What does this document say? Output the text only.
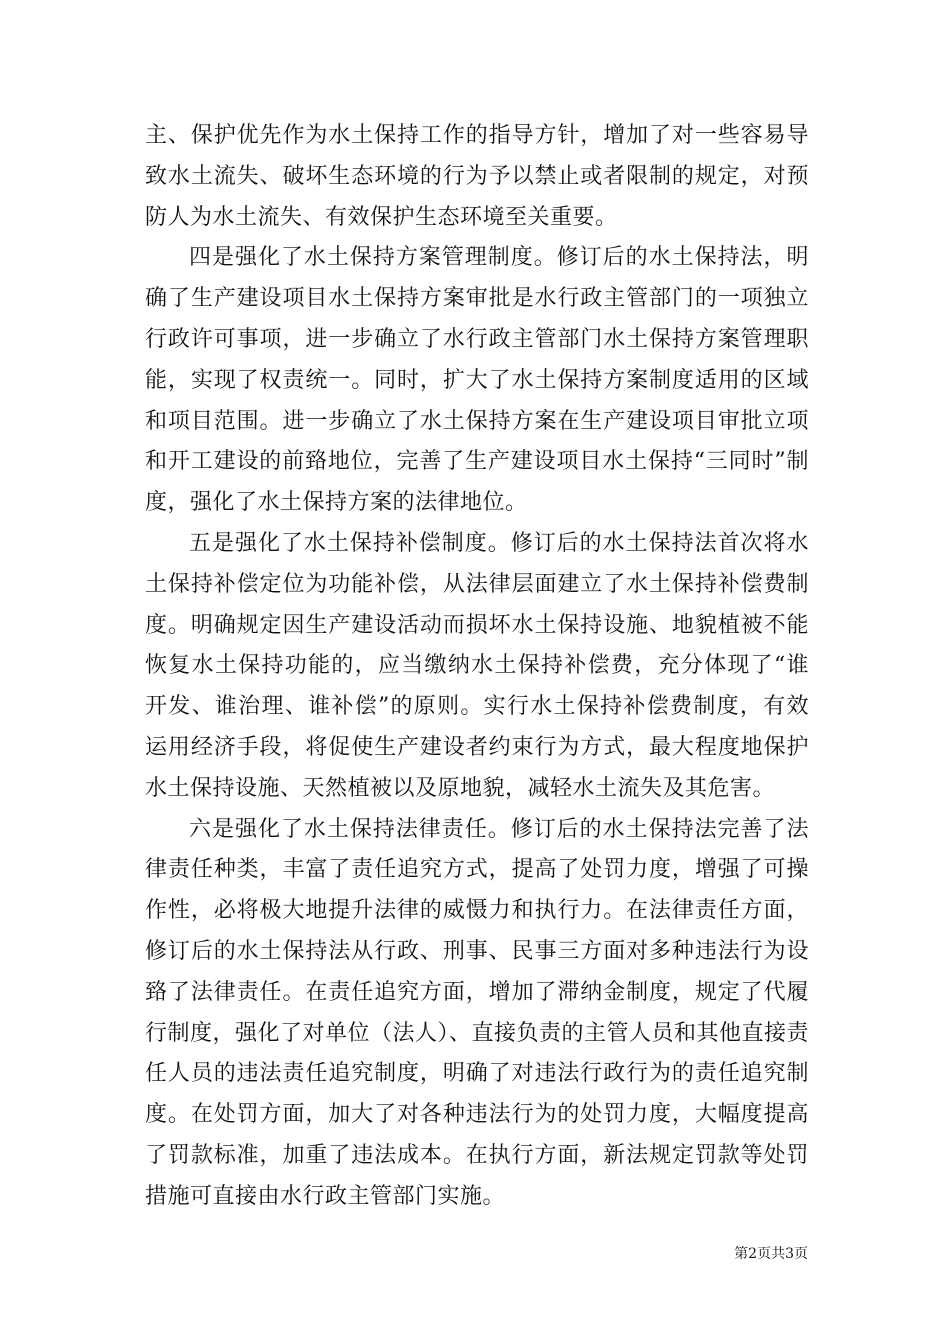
主、保护优先作为水土保持工作的指导方针，增加了对一些容易导致水土流失、破坏生态环境的行为予以禁止或者限制的规定，对预防人为水土流失、有效保护生态环境至关重要。

四是强化了水土保持方案管理制度。修订后的水土保持法，明确了生产建设项目水土保持方案审批是水行政主管部门的一项独立行政许可事项，进一步确立了水行政主管部门水土保持方案管理职能，实现了权责统一。同时，扩大了水土保持方案制度适用的区域和项目范围。进一步确立了水土保持方案在生产建设项目审批立项和开工建设的前臵地位，完善了生产建设项目水土保持“三同时”制度，强化了水土保持方案的法律地位。

五是强化了水土保持补偿制度。修订后的水土保持法首次将水土保持补偿定位为功能补偿，从法律层面建立了水土保持补偿费制度。明确规定因生产建设活动而损坏水土保持设施、地貌植被不能恢复水土保持功能的，应当缴纳水土保持补偿费，充分体现了“谁开发、谁治理、谁补偿”的原则。实行水土保持补偿费制度，有效运用经济手段，将促使生产建设者约束行为方式，最大程度地保护水土保持设施、天然植被以及原地貌，减轻水土流失及其危害。

六是强化了水土保持法律责任。修订后的水土保持法完善了法律责任种类，丰富了责任追究方式，提高了处罚力度，增强了可操作性，必将极大地提升法律的威慑力和执行力。在法律责任方面，修订后的水土保持法从行政、刑事、民事三方面对多种违法行为设臵了法律责任。在责任追究方面，增加了滞纳金制度，规定了代履行制度，强化了对单位（法人）、直接负责的主管人员和其他直接责任人员的违法责任追究制度，明确了对违法行政行为的责任追究制度。在处罚方面，加大了对各种违法行为的处罚力度，大幅度提高了罚款标准，加重了违法成本。在执行方面，新法规定罚款等处罚措施可直接由水行政主管部门实施。

第2页共3页
